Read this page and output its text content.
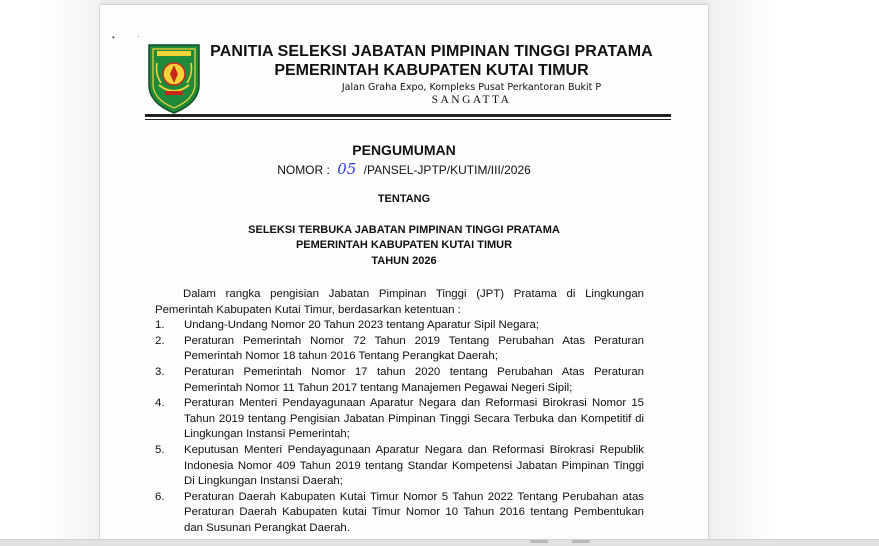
•	·
PANITIA SELEKSI JABATAN PIMPINAN TINGGI PRATAMA
PEMERINTAH KABUPATEN KUTAI TIMUR
Jalan Graha Expo, Kompleks Pusat Perkantoran Bukit P
SANGATTA
PENGUMUMAN
NOMOR : 05 /PANSEL-JPTP/KUTIM/III/2026
TENTANG
SELEKSI TERBUKA JABATAN PIMPINAN TINGGI PRATAMA
PEMERINTAH KABUPATEN KUTAI TIMUR
TAHUN 2026

Dalam rangka pengisian Jabatan Pimpinan Tinggi (JPT) Pratama di Lingkungan Pemerintah Kabupaten Kutai Timur, berdasarkan ketentuan :

1.	Undang-Undang Nomor 20 Tahun 2023 tentang Aparatur Sipil Negara;
2.	Peraturan Pemerintah Nomor 72 Tahun 2019 Tentang Perubahan Atas Peraturan Pemerintah Nomor 18 tahun 2016 Tentang Perangkat Daerah;
3.	Peraturan Pemerintah Nomor 17 tahun 2020 tentang Perubahan Atas Peraturan Pemerintah Nomor 11 Tahun 2017 tentang Manajemen Pegawai Negeri Sipil;
4.	Peraturan Menteri Pendayagunaan Aparatur Negara dan Reformasi Birokrasi Nomor 15 Tahun 2019 tentang Pengisian Jabatan Pimpinan Tinggi Secara Terbuka dan Kompetitif di Lingkungan Instansi Pemerintah;
5.	Keputusan Menteri Pendayagunaan Aparatur Negara dan Reformasi Birokrasi Republik Indonesia Nomor 409 Tahun 2019 tentang Standar Kompetensi Jabatan Pimpinan Tinggi Di Lingkungan Instansi Daerah;
6.	Peraturan Daerah Kabupaten Kutai Timur Nomor 5 Tahun 2022 Tentang Perubahan atas Peraturan Daerah Kabupaten kutai Timur Nomor 10 Tahun 2016 tentang Pembentukan dan Susunan Perangkat Daerah.
